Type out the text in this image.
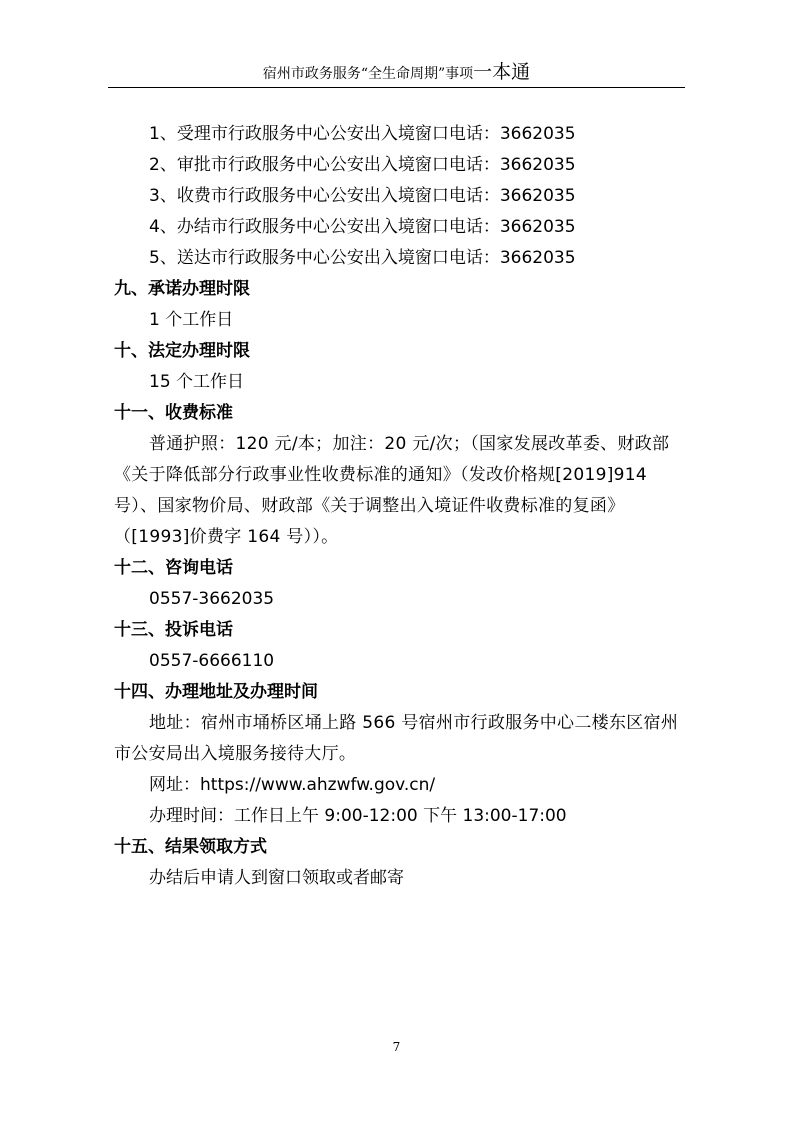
宿州市政务服务“全生命周期”事项一本通
1、受理市行政服务中心公安出入境窗口电话：3662035
2、审批市行政服务中心公安出入境窗口电话：3662035
3、收费市行政服务中心公安出入境窗口电话：3662035
4、办结市行政服务中心公安出入境窗口电话：3662035
5、送达市行政服务中心公安出入境窗口电话：3662035
九、承诺办理时限
1 个工作日
十、法定办理时限
15 个工作日
十一、收费标准
普通护照：120 元/本；加注：20 元/次；（国家发展改革委、财政部《关于降低部分行政事业性收费标准的通知》（发改价格规[2019]914 号）、国家物价局、财政部《关于调整出入境证件收费标准的复函》（[1993]价费字 164 号））。
十二、咨询电话
0557-3662035
十三、投诉电话
0557-6666110
十四、办理地址及办理时间
地址：宿州市埇桥区埇上路 566 号宿州市行政服务中心二楼东区宿州市公安局出入境服务接待大厅。
网址：https://www.ahzwfw.gov.cn/
办理时间：工作日上午 9:00-12:00 下午 13:00-17:00
十五、结果领取方式
办结后申请人到窗口领取或者邮寄
7
